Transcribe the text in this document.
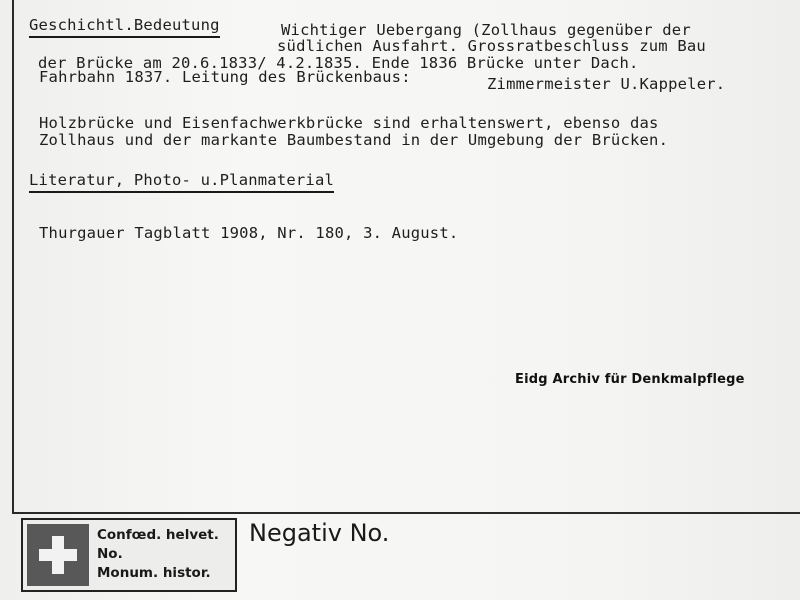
Geschichtl.Bedeutung	Wichtiger Uebergang (Zollhaus gegenüber der
südlichen Ausfahrt. Grossratbeschluss zum Bau
der Brücke am 20.6.1833/ 4.2.1835. Ende 1836 Brücke unter Dach.
Fahrbahn 1837. Leitung des Brückenbaus:	Zimmermeister U.Kappeler.
Holzbrücke und Eisenfachwerkbrücke sind erhaltenswert, ebenso das
Zollhaus und der markante Baumbestand in der Umgebung der Brücken.
Literatur, Photo- u.Planmaterial
Thurgauer Tagblatt 1908, Nr. 180, 3. August.
Eidg Archiv für Denkmalpflege
Confœd. helvet.
No.
Monum. histor.
Negativ No.
